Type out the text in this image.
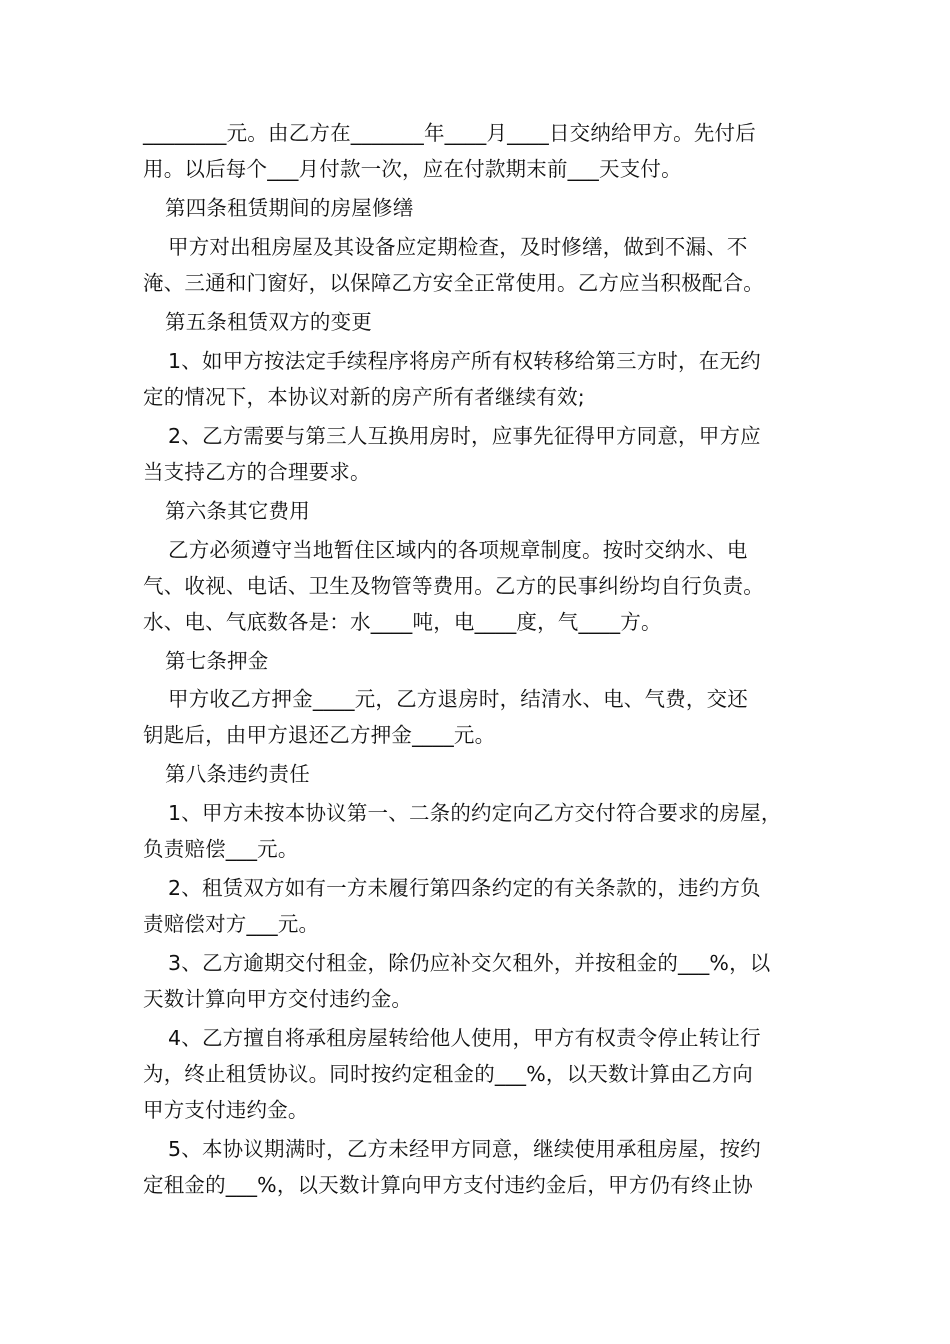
________元。由乙方在_______年____月____日交纳给甲方。先付后
用。以后每个___月付款一次，应在付款期末前___天支付。
第四条租赁期间的房屋修缮
甲方对出租房屋及其设备应定期检查，及时修缮，做到不漏、不
淹、三通和门窗好，以保障乙方安全正常使用。乙方应当积极配合。
第五条租赁双方的变更
1、如甲方按法定手续程序将房产所有权转移给第三方时，在无约
定的情况下，本协议对新的房产所有者继续有效;
2、乙方需要与第三人互换用房时，应事先征得甲方同意，甲方应
当支持乙方的合理要求。
第六条其它费用
乙方必须遵守当地暂住区域内的各项规章制度。按时交纳水、电
气、收视、电话、卫生及物管等费用。乙方的民事纠纷均自行负责。
水、电、气底数各是：水____吨，电____度，气____方。
第七条押金
甲方收乙方押金____元，乙方退房时，结清水、电、气费，交还
钥匙后，由甲方退还乙方押金____元。
第八条违约责任
1、甲方未按本协议第一、二条的约定向乙方交付符合要求的房屋，
负责赔偿___元。
2、租赁双方如有一方未履行第四条约定的有关条款的，违约方负
责赔偿对方___元。
3、乙方逾期交付租金，除仍应补交欠租外，并按租金的___%，以
天数计算向甲方交付违约金。
4、乙方擅自将承租房屋转给他人使用，甲方有权责令停止转让行
为，终止租赁协议。同时按约定租金的___%，以天数计算由乙方向
甲方支付违约金。
5、本协议期满时，乙方未经甲方同意，继续使用承租房屋，按约
定租金的___%，以天数计算向甲方支付违约金后，甲方仍有终止协
